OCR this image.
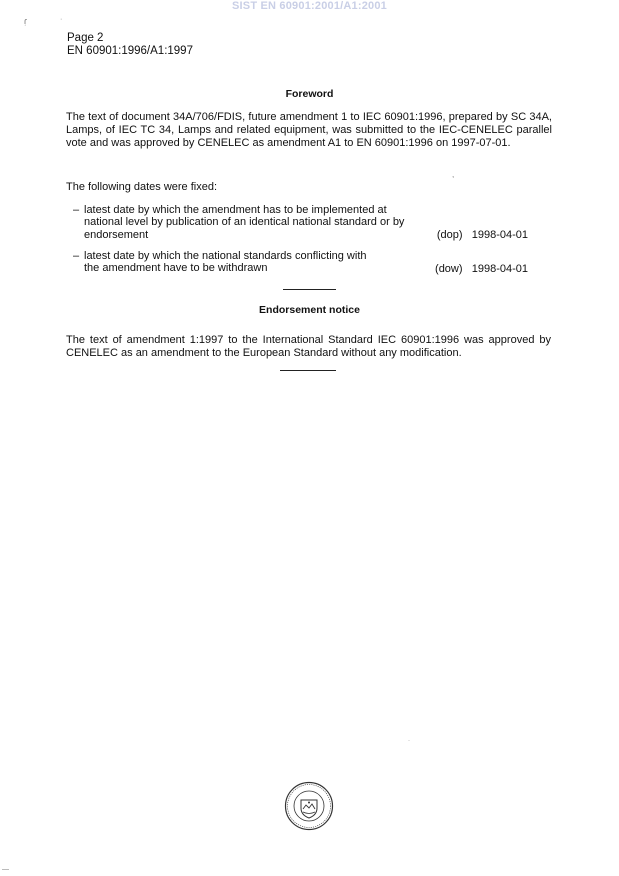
SIST EN 60901:2001/A1:2001
ɾ
ʿ
·
Page 2
EN 60901:1996/A1:1997
Foreword
The text of document 34A/706/FDIS, future amendment 1 to IEC 60901:1996, prepared by SC 34A, Lamps, of IEC TC 34, Lamps and related equipment, was submitted to the IEC-CENELEC parallel vote and was approved by CENELEC as amendment A1 to EN 60901:1996 on 1997-07-01.
,
The following dates were fixed:
– latest date by which the amendment has to be implemented at national level by publication of an identical national standard or by endorsement	(dop) 1998-04-01
– latest date by which the national standards conflicting with the amendment have to be withdrawn	(dow) 1998-04-01
Endorsement notice
The text of amendment 1:1997 to the International Standard IEC 60901:1996 was approved by CENELEC as an amendment to the European Standard without any modification.
·
—
